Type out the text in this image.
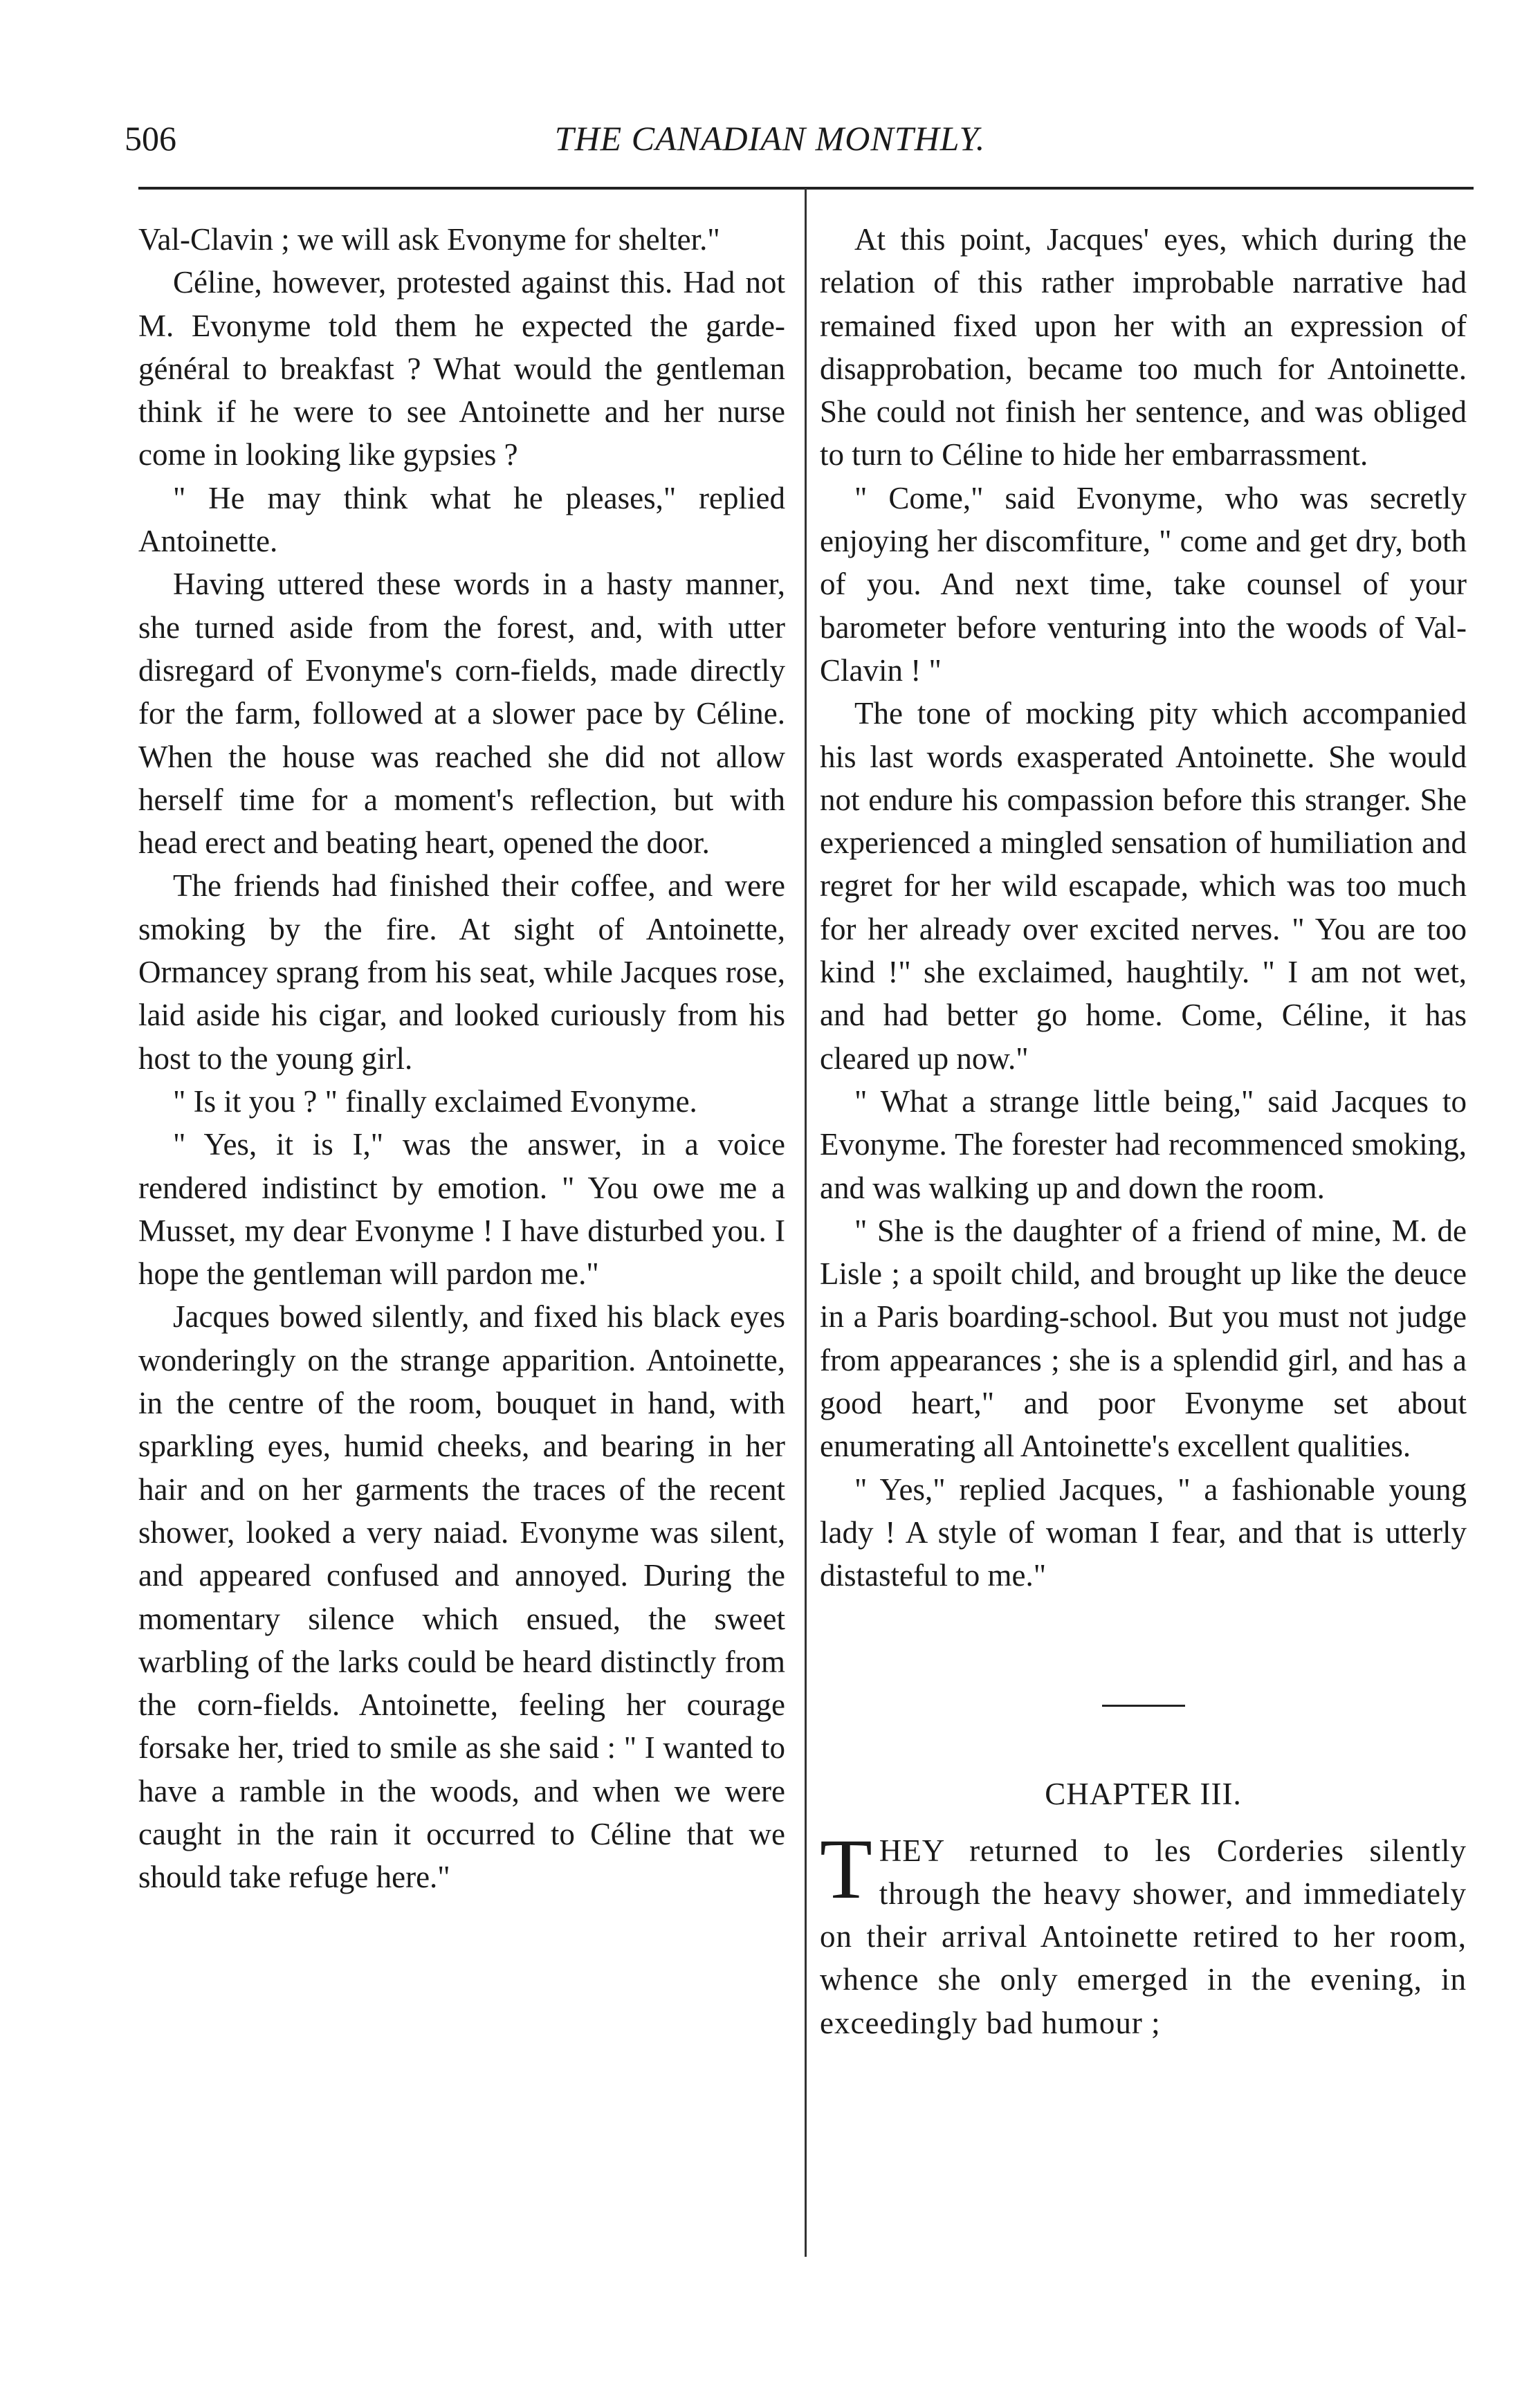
506	THE CANADIAN MONTHLY.

Val-Clavin ; we will ask Evonyme for shelter."

Céline, however, protested against this. Had not M. Evonyme told them he expected the garde-général to breakfast ? What would the gentleman think if he were to see Antoinette and her nurse come in looking like gypsies ?

" He may think what he pleases," replied Antoinette.

Having uttered these words in a hasty manner, she turned aside from the forest, and, with utter disregard of Evonyme's corn-fields, made directly for the farm, followed at a slower pace by Céline. When the house was reached she did not allow herself time for a moment's reflection, but with head erect and beating heart, opened the door.

The friends had finished their coffee, and were smoking by the fire. At sight of Antoinette, Ormancey sprang from his seat, while Jacques rose, laid aside his cigar, and looked curiously from his host to the young girl.

" Is it you ? " finally exclaimed Evonyme.

" Yes, it is I," was the answer, in a voice rendered indistinct by emotion. " You owe me a Musset, my dear Evonyme ! I have disturbed you. I hope the gentleman will pardon me."

Jacques bowed silently, and fixed his black eyes wonderingly on the strange apparition. Antoinette, in the centre of the room, bouquet in hand, with sparkling eyes, humid cheeks, and bearing in her hair and on her garments the traces of the recent shower, looked a very naiad. Evonyme was silent, and appeared confused and annoyed. During the momentary silence which ensued, the sweet warbling of the larks could be heard distinctly from the corn-fields. Antoinette, feeling her courage forsake her, tried to smile as she said : " I wanted to have a ramble in the woods, and when we were caught in the rain it occurred to Céline that we should take refuge here."

At this point, Jacques' eyes, which during the relation of this rather improbable narrative had remained fixed upon her with an expression of disapprobation, became too much for Antoinette. She could not finish her sentence, and was obliged to turn to Céline to hide her embarrassment.

" Come," said Evonyme, who was secretly enjoying her discomfiture, " come and get dry, both of you. And next time, take counsel of your barometer before venturing into the woods of Val-Clavin ! "

The tone of mocking pity which accompanied his last words exasperated Antoinette. She would not endure his compassion before this stranger. She experienced a mingled sensation of humiliation and regret for her wild escapade, which was too much for her already over excited nerves. " You are too kind !" she exclaimed, haughtily. " I am not wet, and had better go home. Come, Céline, it has cleared up now."

" What a strange little being," said Jacques to Evonyme. The forester had recommenced smoking, and was walking up and down the room.

" She is the daughter of a friend of mine, M. de Lisle ; a spoilt child, and brought up like the deuce in a Paris boarding-school. But you must not judge from appearances ; she is a splendid girl, and has a good heart," and poor Evonyme set about enumerating all Antoinette's excellent qualities.

" Yes," replied Jacques, " a fashionable young lady ! A style of woman I fear, and that is utterly distasteful to me."

CHAPTER III.

THEY returned to les Corderies silently through the heavy shower, and immediately on their arrival Antoinette retired to her room, whence she only emerged in the evening, in exceedingly bad humour ;
